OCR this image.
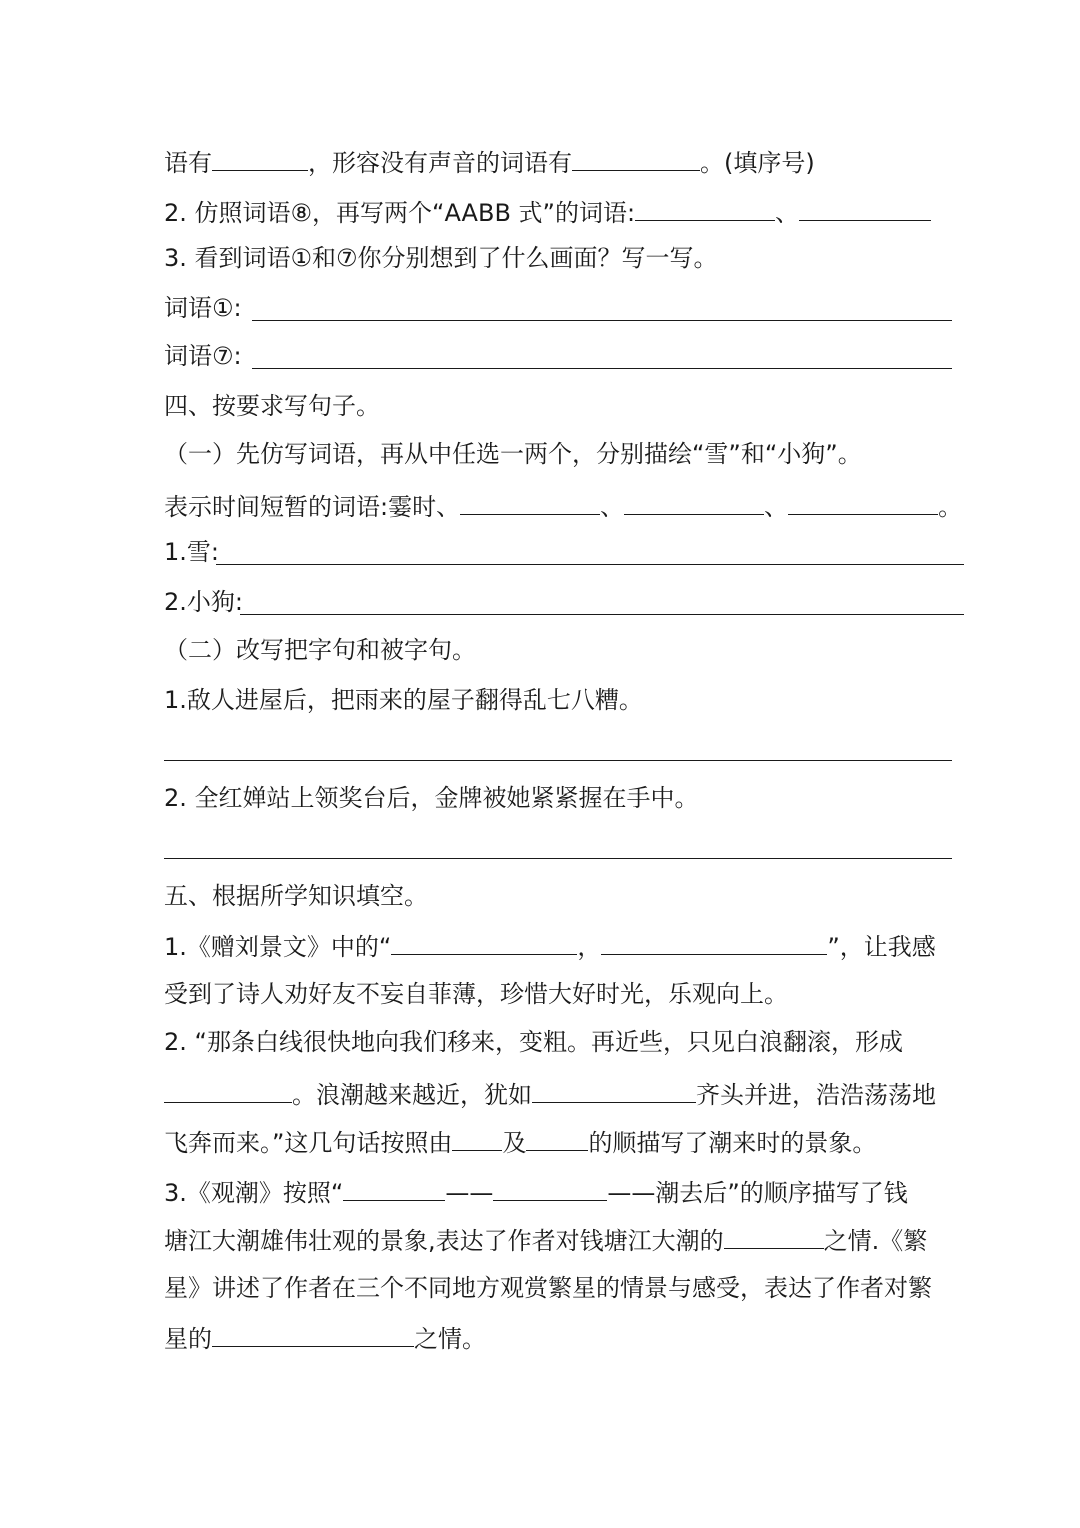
语有	，形容没有声音的词语有	。(填序号)
2. 仿照词语⑧，再写两个“AABB 式”的词语:	、
3. 看到词语①和⑦你分别想到了什么画面？写一写。
词语①:
词语⑦:
四、按要求写句子。
（一）先仿写词语，再从中任选一两个，分别描绘“雪”和“小狗”。
表示时间短暂的词语:霎时、	、	、	。
1.雪:
2.小狗:
（二）改写把字句和被字句。
1.敌人进屋后，把雨来的屋子翻得乱七八糟。
2. 全红婵站上领奖台后，金牌被她紧紧握在手中。
五、根据所学知识填空。
1.《赠刘景文》中的“	，	”，让我感
受到了诗人劝好友不妄自菲薄，珍惜大好时光，乐观向上。
2. “那条白线很快地向我们移来，变粗。再近些，只见白浪翻滚，形成
。浪潮越来越近，犹如	齐头并进，浩浩荡荡地
飞奔而来。”这几句话按照由 及	的顺描写了潮来时的景象。
3.《观潮》按照“	——	——潮去后”的顺序描写了钱
塘江大潮雄伟壮观的景象,表达了作者对钱塘江大潮的	之情.《繁
星》讲述了作者在三个不同地方观赏繁星的情景与感受，表达了作者对繁
星的	之情。
